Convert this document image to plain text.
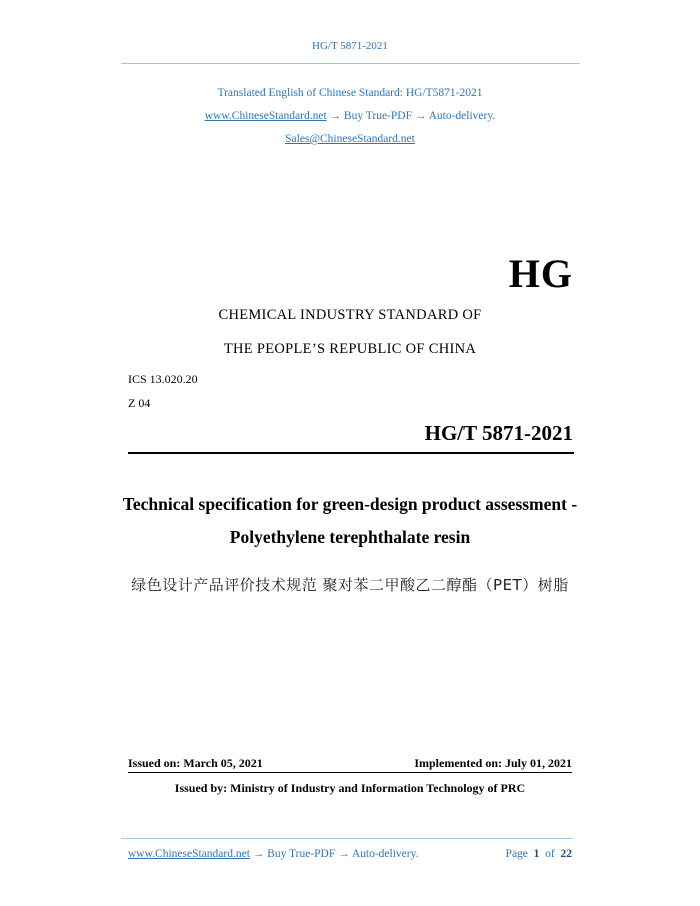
HG/T 5871-2021
Translated English of Chinese Standard: HG/T5871-2021
www.ChineseStandard.net → Buy True-PDF → Auto-delivery.
Sales@ChineseStandard.net
HG
CHEMICAL INDUSTRY STANDARD OF
THE PEOPLE’S REPUBLIC OF CHINA
ICS 13.020.20
Z 04
HG/T 5871-2021
Technical specification for green-design product assessment -
Polyethylene terephthalate resin
绿色设计产品评价技术规范 聚对苯二甲酸乙二醇酯（PET）树脂
Issued on: March 05, 2021	Implemented on: July 01, 2021
Issued by: Ministry of Industry and Information Technology of PRC
www.ChineseStandard.net → Buy True-PDF → Auto-delivery.	Page 1 of 22
